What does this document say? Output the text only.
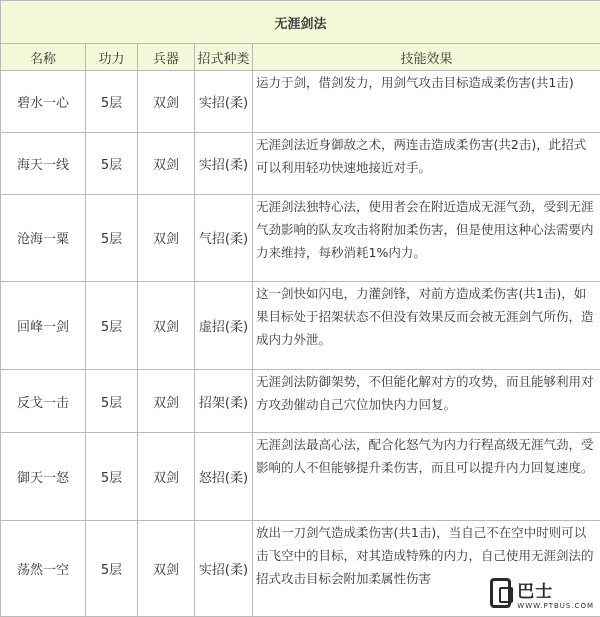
无涯剑法				
名称	功力	兵器	招式种类	技能效果
碧水一心	5层	双剑	实招(柔)	运力于剑，借剑发力，用剑气攻击目标造成柔伤害(共1击)
海天一线	5层	双剑	实招(柔)	无涯剑法近身御敌之术，两连击造成柔伤害(共2击)，此招式可以利用轻功快速地接近对手。
沧海一粟	5层	双剑	气招(柔)	无涯剑法独特心法，使用者会在附近造成无涯气劲，受到无涯气劲影响的队友攻击将附加柔伤害，但是使用这种心法需要内力来维持，每秒消耗1%内力。
回峰一剑	5层	双剑	虚招(柔)	这一剑快如闪电，力灌剑锋，对前方造成柔伤害(共1击)，如果目标处于招架状态不但没有效果反而会被无涯剑气所伤，造成内力外泄。
反戈一击	5层	双剑	招架(柔)	无涯剑法防御架势，不但能化解对方的攻势，而且能够利用对方攻劲催动自己穴位加快内力回复。
御天一怒	5层	双剑	怒招(柔)	无涯剑法最高心法，配合化怒气为内力行程高级无涯气劲，受影响的人不但能够提升柔伤害，而且可以提升内力回复速度。
荡然一空	5层	双剑	实招(柔)	放出一刀剑气造成柔伤害(共1击)，当自己不在空中时则可以击飞空中的目标，对其造成特殊的内力，自己使用无涯剑法的招式攻击目标会附加柔属性伤害
巴士
WWW.PTBUS.COM
